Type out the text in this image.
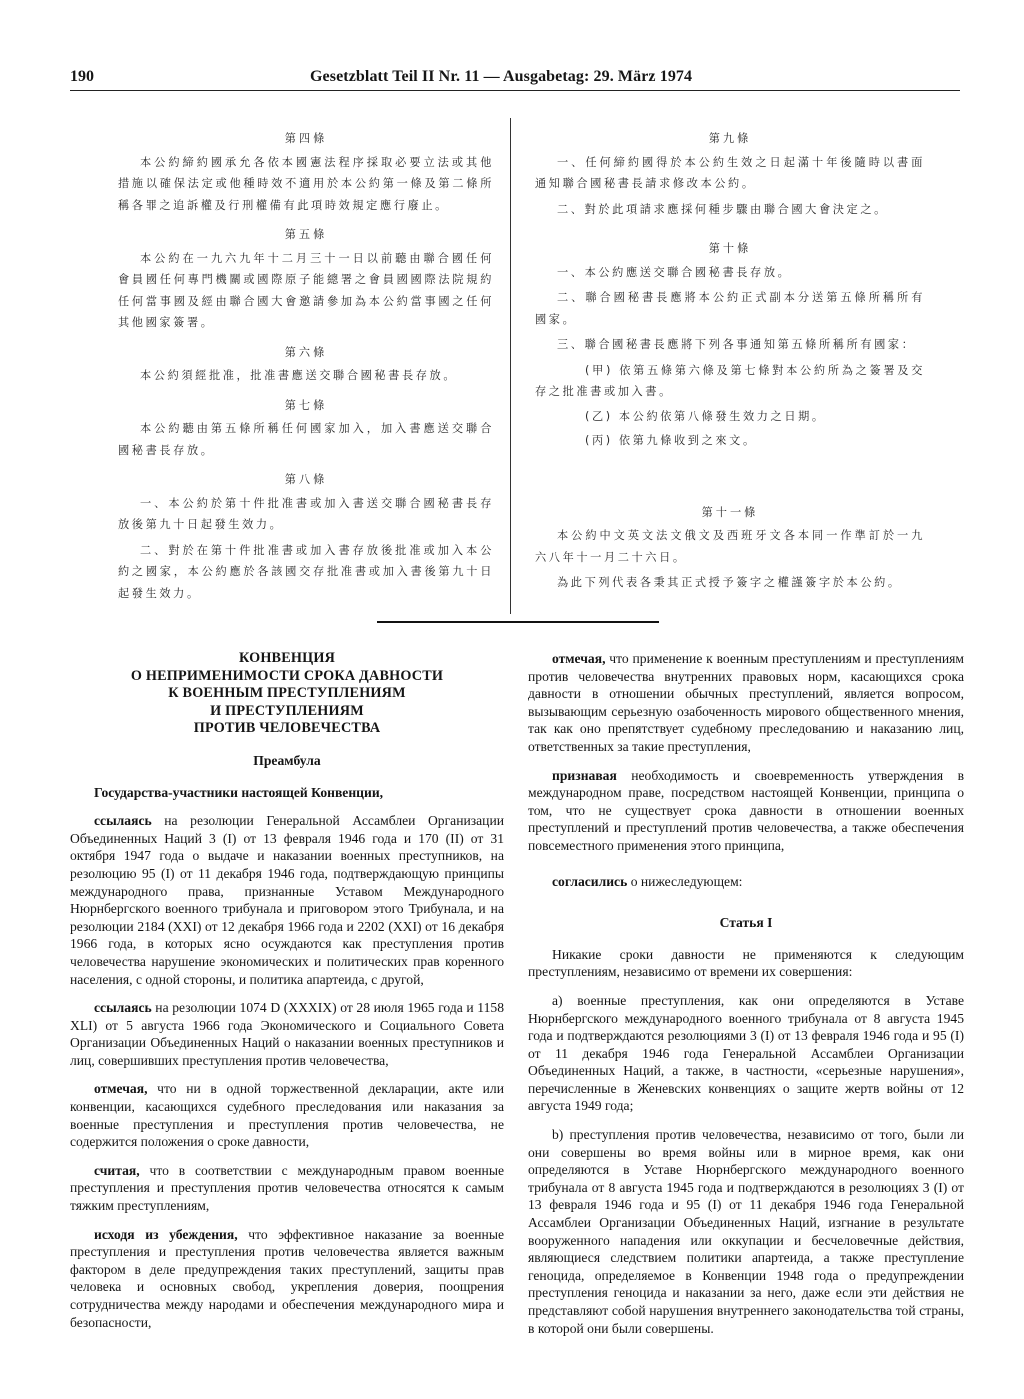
190	Gesetzblatt Teil II Nr. 11 — Ausgabetag: 29. März 1974
第四條

本公約締約國承允各依本國憲法程序採取必要立法或其他措施以確保法定或他種時效不適用於本公約第一條及第二條所稱各罪之追訴權及行刑權備有此項時效規定應行廢止。

第五條

本公約在一九六九年十二月三十一日以前聽由聯合國任何會員國任何專門機關或國際原子能總署之會員國國際法院規約任何當事國及經由聯合國大會邀請參加為本公約當事國之任何其他國家簽署。

第六條

本公約須經批准，批准書應送交聯合國秘書長存放。

第七條

本公約聽由第五條所稱任何國家加入，加入書應送交聯合國秘書長存放。

第八條

一、本公約於第十件批准書或加入書送交聯合國秘書長存放後第九十日起發生效力。

二、對於在第十件批准書或加入書存放後批准或加入本公約之國家，本公約應於各該國交存批准書或加入書後第九十日起發生效力。

第九條

一、任何締約國得於本公約生效之日起滿十年後隨時以書面通知聯合國秘書長請求修改本公約。

二、對於此項請求應採何種步驟由聯合國大會決定之。

第十條

一、本公約應送交聯合國秘書長存放。

二、聯合國秘書長應將本公約正式副本分送第五條所稱所有國家。

三、聯合國秘書長應將下列各事通知第五條所稱所有國家：

(甲) 依第五條第六條及第七條對本公約所為之簽署及交存之批准書或加入書。

(乙) 本公約依第八條發生效力之日期。

(丙) 依第九條收到之來文。

第十一條

本公約中文英文法文俄文及西班牙文各本同一作準訂於一九六八年十一月二十六日。

為此下列代表各秉其正式授予簽字之權謹簽字於本公約。

КОНВЕНЦИЯ
О НЕПРИМЕНИМОСТИ СРОКА ДАВНОСТИ
К ВОЕННЫМ ПРЕСТУПЛЕНИЯМ
И ПРЕСТУПЛЕНИЯМ
ПРОТИВ ЧЕЛОВЕЧЕСТВА
Преамбула

Государства-участники настоящей Конвенции,

ссылаясь на резолюции Генеральной Ассамблеи Организации Объединенных Наций 3 (I) от 13 февраля 1946 года и 170 (II) от 31 октября 1947 года о выдаче и наказании военных преступников, на резолюцию 95 (I) от 11 декабря 1946 года, подтверждающую принципы международного права, признанные Уставом Международного Нюрнбергского военного трибунала и приговором этого Трибунала, и на резолюции 2184 (XXI) от 12 декабря 1966 года и 2202 (XXI) от 16 декабря 1966 года, в которых ясно осуждаются как преступления против человечества нарушение экономических и политических прав коренного населения, с одной стороны, и политика апартеида, с другой,

ссылаясь на резолюции 1074 D (XXXIX) от 28 июля 1965 года и 1158 XLI) от 5 августа 1966 года Экономического и Социального Совета Организации Объединенных Наций о наказании военных преступников и лиц, совершивших преступления против человечества,

отмечая, что ни в одной торжественной декларации, акте или конвенции, касающихся судебного преследования или наказания за военные преступления и преступления против человечества, не содержится положения о сроке давности,

считая, что в соответствии с международным правом военные преступления и преступления против человечества относятся к самым тяжким преступлениям,

исходя из убеждения, что эффективное наказание за военные преступления и преступления против человечества является важным фактором в деле предупреждения таких преступлений, защиты прав человека и основных свобод, укрепления доверия, поощрения сотрудничества между народами и обеспечения международного мира и безопасности,

отмечая, что применение к военным преступлениям и преступлениям против человечества внутренних правовых норм, касающихся срока давности в отношении обычных преступлений, является вопросом, вызывающим серьезную озабоченность мирового общественного мнения, так как оно препятствует судебному преследованию и наказанию лиц, ответственных за такие преступления,

признавая необходимость и своевременность утверждения в международном праве, посредством настоящей Конвенции, принципа о том, что не существует срока давности в отношении военных преступлений и преступлений против человечества, а также обеспечения повсеместного применения этого принципа,

согласились о нижеследующем:

Статья I

Никакие сроки давности не применяются к следующим преступлениям, независимо от времени их совершения:

а) военные преступления, как они определяются в Уставе Нюрнбергского международного военного трибунала от 8 августа 1945 года и подтверждаются резолюциями 3 (I) от 13 февраля 1946 года и 95 (I) от 11 декабря 1946 года Генеральной Ассамблеи Организации Объединенных Наций, а также, в частности, «серьезные нарушения», перечисленные в Женевских конвенциях о защите жертв войны от 12 августа 1949 года;

b) преступления против человечества, независимо от того, были ли они совершены во время войны или в мирное время, как они определяются в Уставе Нюрнбергского международного военного трибунала от 8 августа 1945 года и подтверждаются в резолюциях 3 (I) от 13 февраля 1946 года и 95 (I) от 11 декабря 1946 года Генеральной Ассамблеи Организации Объединенных Наций, изгнание в результате вооруженного нападения или оккупации и бесчеловечные действия, являющиеся следствием политики апартеида, а также преступление геноцида, определяемое в Конвенции 1948 года о предупреждении преступления геноцида и наказании за него, даже если эти действия не представляют собой нарушения внутреннего законодательства той страны, в которой они были совершены.
